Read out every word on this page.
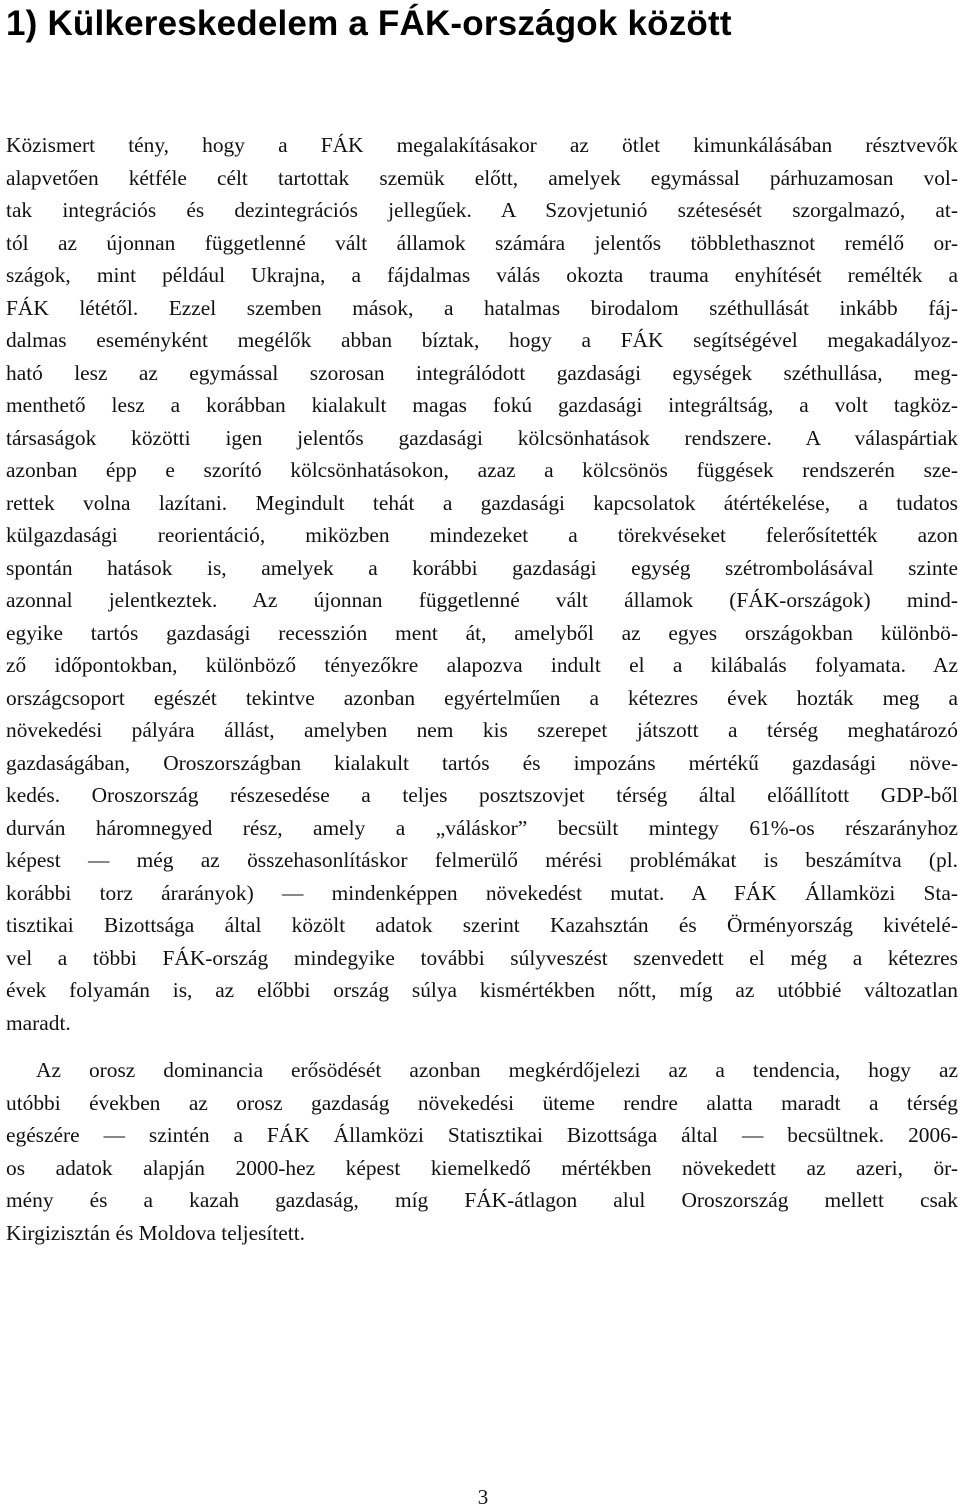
1) Külkereskedelem a FÁK-országok között
Közismert tény, hogy a FÁK megalakításakor az ötlet kimunkálásában résztvevők
alapvetően kétféle célt tartottak szemük előtt, amelyek egymással párhuzamosan vol-
tak integrációs és dezintegrációs jellegűek. A Szovjetunió szétesését szorgalmazó, at-
tól az újonnan függetlenné vált államok számára jelentős többlethasznot remélő or-
szágok, mint például Ukrajna, a fájdalmas válás okozta trauma enyhítését remélték a
FÁK lététől. Ezzel szemben mások, a hatalmas birodalom széthullását inkább fáj-
dalmas eseményként megélők abban bíztak, hogy a FÁK segítségével megakadályoz-
ható lesz az egymással szorosan integrálódott gazdasági egységek széthullása, meg-
menthető lesz a korábban kialakult magas fokú gazdasági integráltság, a volt tagköz-
társaságok közötti igen jelentős gazdasági kölcsönhatások rendszere. A válaspártiak
azonban épp e szorító kölcsönhatásokon, azaz a kölcsönös függések rendszerén sze-
rettek volna lazítani. Megindult tehát a gazdasági kapcsolatok átértékelése, a tudatos
külgazdasági reorientáció, miközben mindezeket a törekvéseket felerősítették azon
spontán hatások is, amelyek a korábbi gazdasági egység szétrombolásával szinte
azonnal jelentkeztek. Az újonnan függetlenné vált államok (FÁK-országok) mind-
egyike tartós gazdasági recesszión ment át, amelyből az egyes országokban különbö-
ző időpontokban, különböző tényezőkre alapozva indult el a kilábalás folyamata. Az
országcsoport egészét tekintve azonban egyértelműen a kétezres évek hozták meg a
növekedési pályára állást, amelyben nem kis szerepet játszott a térség meghatározó
gazdaságában, Oroszországban kialakult tartós és impozáns mértékű gazdasági növe-
kedés. Oroszország részesedése a teljes posztszovjet térség által előállított GDP-ből
durván háromnegyed rész, amely a „váláskor” becsült mintegy 61%-os részarányhoz
képest — még az összehasonlításkor felmerülő mérési problémákat is beszámítva (pl.
korábbi torz árarányok) — mindenképpen növekedést mutat. A FÁK Államközi Sta-
tisztikai Bizottsága által közölt adatok szerint Kazahsztán és Örményország kivételé-
vel a többi FÁK-ország mindegyike további súlyveszést szenvedett el még a kétezres
évek folyamán is, az előbbi ország súlya kismértékben nőtt, míg az utóbbié változatlan
maradt.
Az orosz dominancia erősödését azonban megkérdőjelezi az a tendencia, hogy az
utóbbi években az orosz gazdaság növekedési üteme rendre alatta maradt a térség
egészére — szintén a FÁK Államközi Statisztikai Bizottsága által — becsültnek. 2006-
os adatok alapján 2000-hez képest kiemelkedő mértékben növekedett az azeri, ör-
mény és a kazah gazdaság, míg FÁK-átlagon alul Oroszország mellett csak
Kirgizisztán és Moldova teljesített.
3
